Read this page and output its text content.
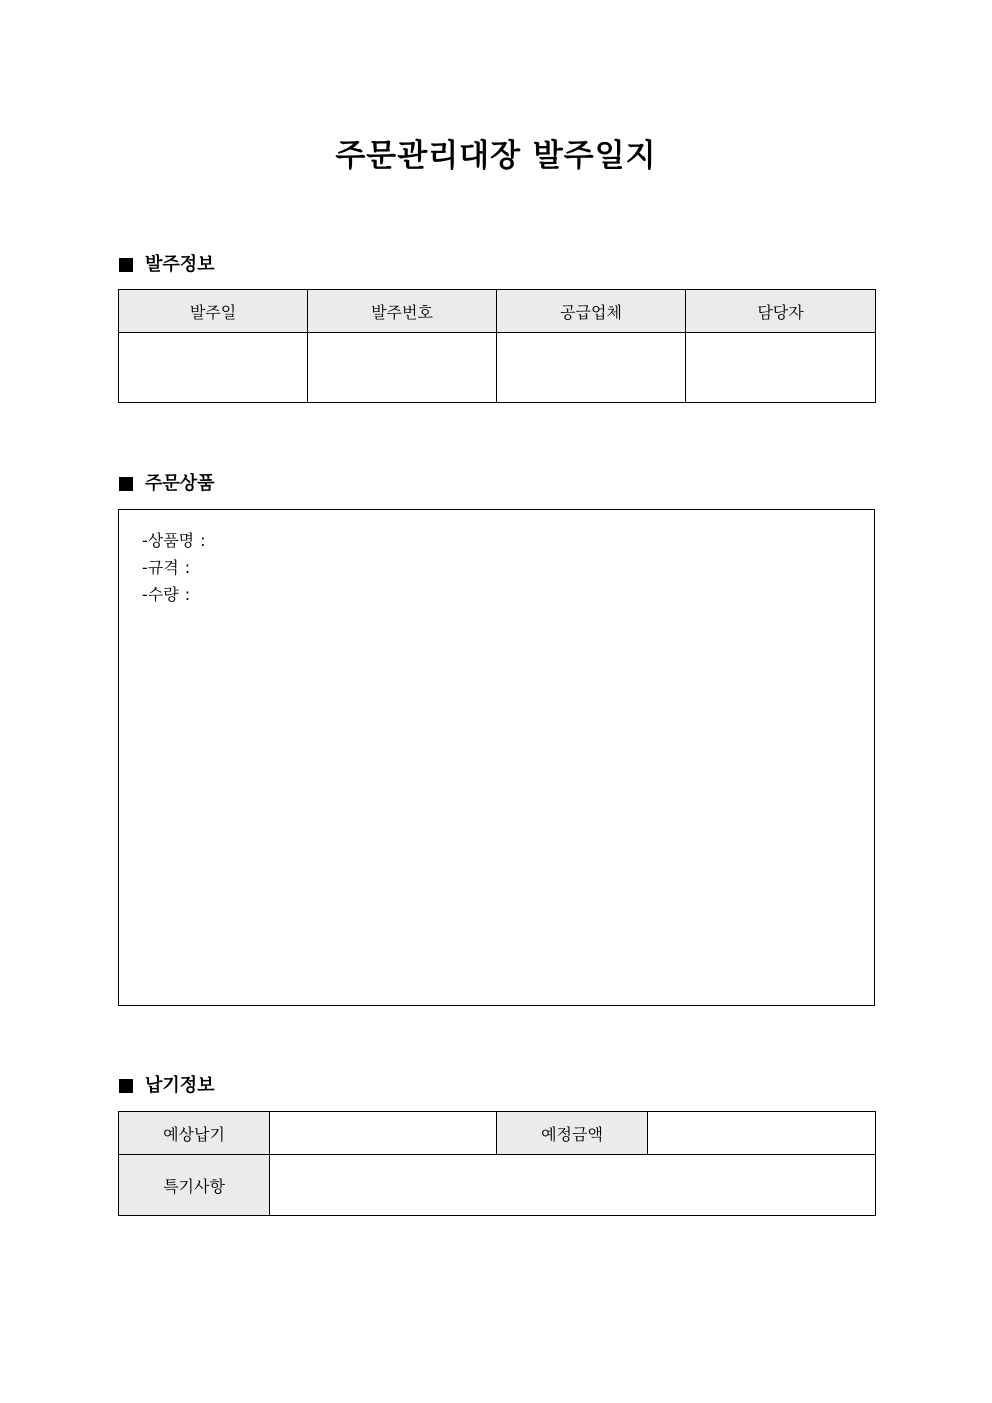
주문관리대장 발주일지
발주정보
발주일	발주번호	공급업체	담당자

주문상품
-상품명 :
-규격 :
-수량 :
납기정보
예상납기		예정금액	
특기사항			
